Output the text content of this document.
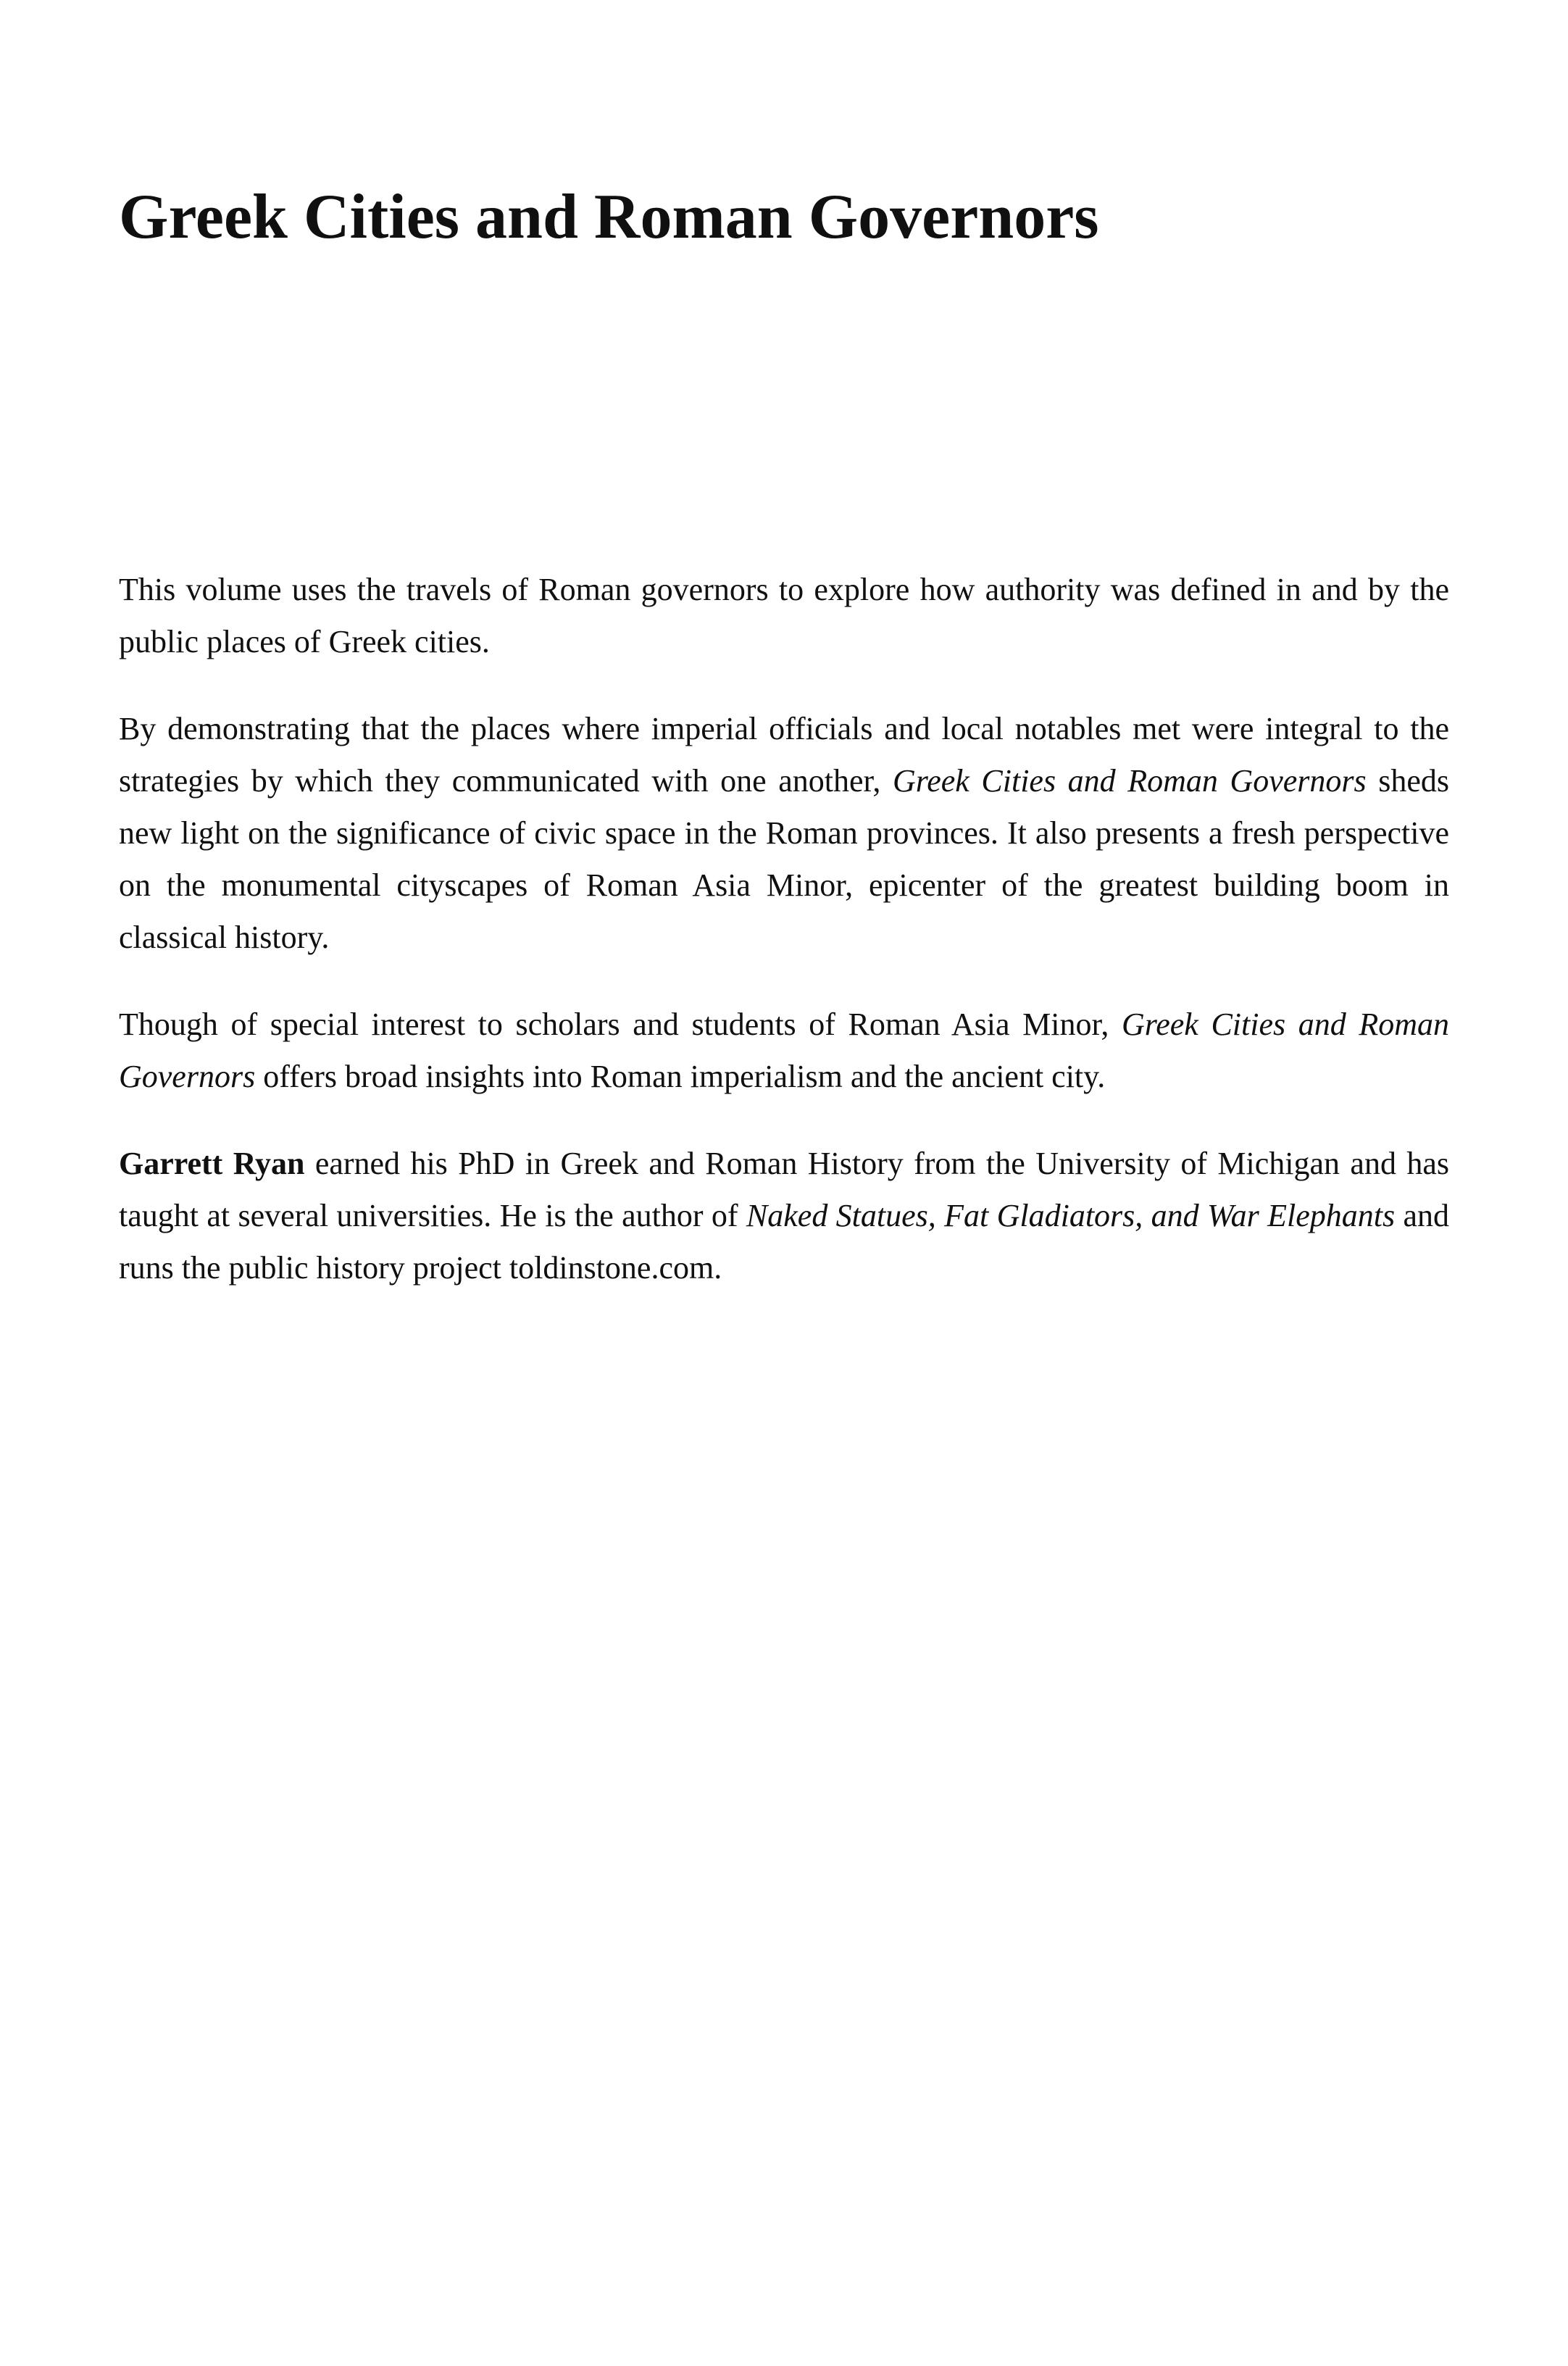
Greek Cities and Roman Governors

This volume uses the travels of Roman governors to explore how authority was defined in and by the public places of Greek cities.

By demonstrating that the places where imperial officials and local notables met were integral to the strategies by which they communicated with one another, Greek Cities and Roman Governors sheds new light on the significance of civic space in the Roman provinces. It also presents a fresh perspective on the monumental cityscapes of Roman Asia Minor, epicenter of the greatest building boom in classical history.

Though of special interest to scholars and students of Roman Asia Minor, Greek Cities and Roman Governors offers broad insights into Roman imperialism and the ancient city.

Garrett Ryan earned his PhD in Greek and Roman History from the University of Michigan and has taught at several universities. He is the author of Naked Statues, Fat Gladiators, and War Elephants and runs the public history project toldinstone.com.
